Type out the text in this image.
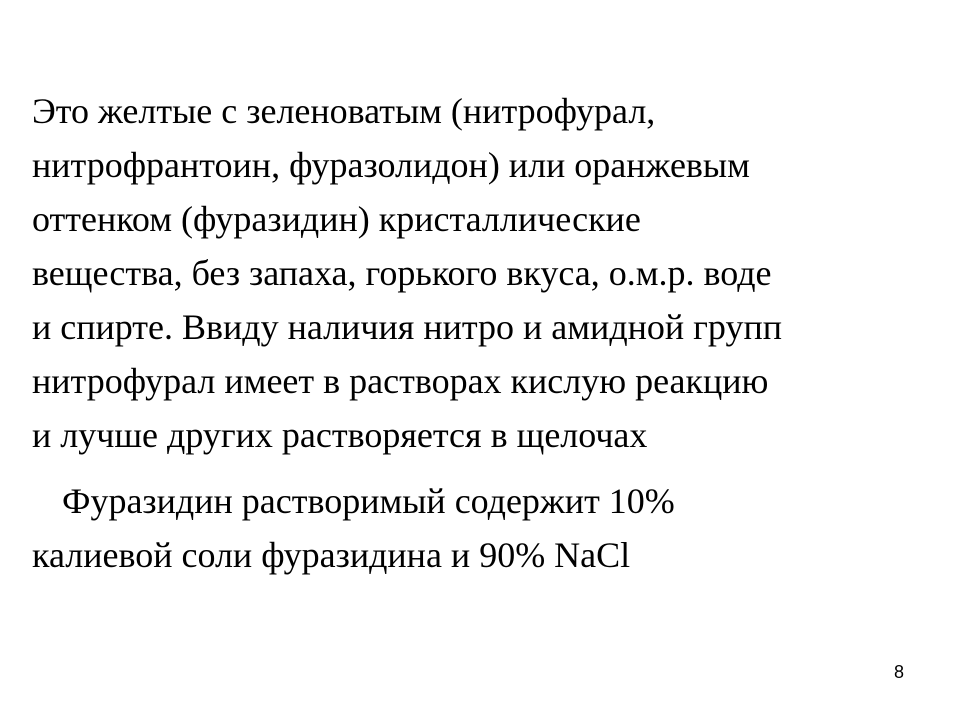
Это желтые с зеленоватым (нитрофурал,
нитрофрантоин, фуразолидон) или оранжевым
оттенком (фуразидин) кристаллические
вещества, без запаха, горького вкуса, о.м.р. воде
и спирте. Ввиду наличия нитро и амидной групп
нитрофурал имеет в растворах кислую реакцию
и лучше других растворяется в щелочах

Фуразидин растворимый содержит 10%
калиевой соли фуразидина и 90% NaCl

8
